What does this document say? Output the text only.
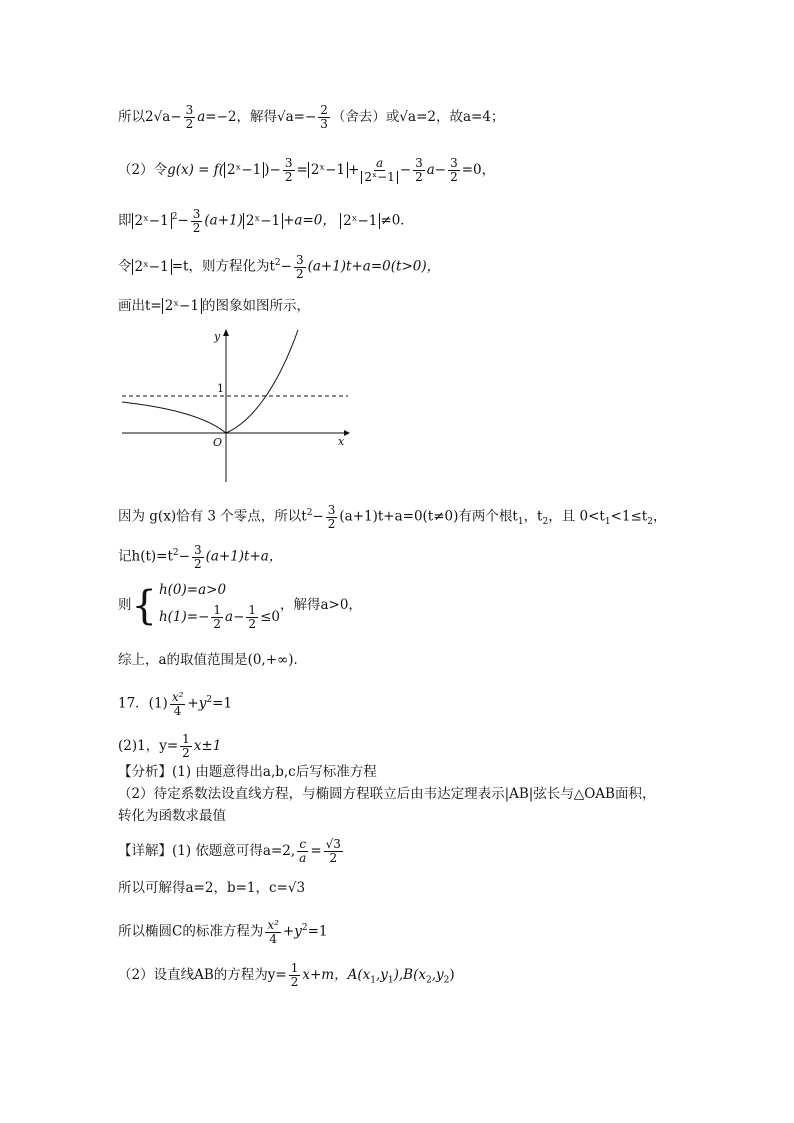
所以$2√a- \frac{3}{2} a=-2$，解得$√a=- \frac{2}{3}$ （舍去）或√a=2，故a=4；
（2）令g(x) = f( 2ˣ−1 )− $\frac{3}{2}$ = 2ˣ−1 + $\frac{a}{\text{2ˣ−1}} - \frac{3}{2} a- \frac{3}{2} =0$，
即 2ˣ−1 $^2- \frac{3}{2} (a+1)$ 2ˣ−1 +a=0， 2ˣ−1 ≠0．
令 2ˣ−1 =t，则方程化为$t^2- \frac{3}{2} (a+1)t+a=0(t>0)$，
画出t= 2ˣ−1 的图象如图所示，
y
x
O
1
因为 g(x)恰有 3 个零点，所以$t^2- \frac{3}{2} (a+1)t+a=0(t\ne 0)$有两个根$t_1$，$t_2$，且 $0<t_1<1\le t_2$，
记$h(t)=t^2- \frac{3}{2} (a+1)t+a$，
则 { h(0)=a>0
$h(1)=- \frac{1}{2} a- \frac{1}{2} \le 0$
，解得a>0，
综上，a的取值范围是(0,+∞)．
17．$(1) \frac{\text{x²}}{4} +y^2=1$
(2)1，$y= \frac{1}{2} x\pm 1$
【分析】(1) 由题意得出a,b,c后写标准方程
（2）待定系数法设直线方程，与椭圆方程联立后由韦达定理表示|AB|弦长与△OAB面积，
转化为函数求最值
【详解】(1) 依题意可得a=2, $\frac{c}{a} = \frac{√3}{2}$
所以可解得a=2，b=1，c=√3
所以椭圆C的标准方程为 $\frac{\text{x²}}{4} +y^2=1$
（2）设直线AB的方程为$y= \frac{1}{2} x+m$，$A(x_1,y_1),B(x_2,y_2)$
